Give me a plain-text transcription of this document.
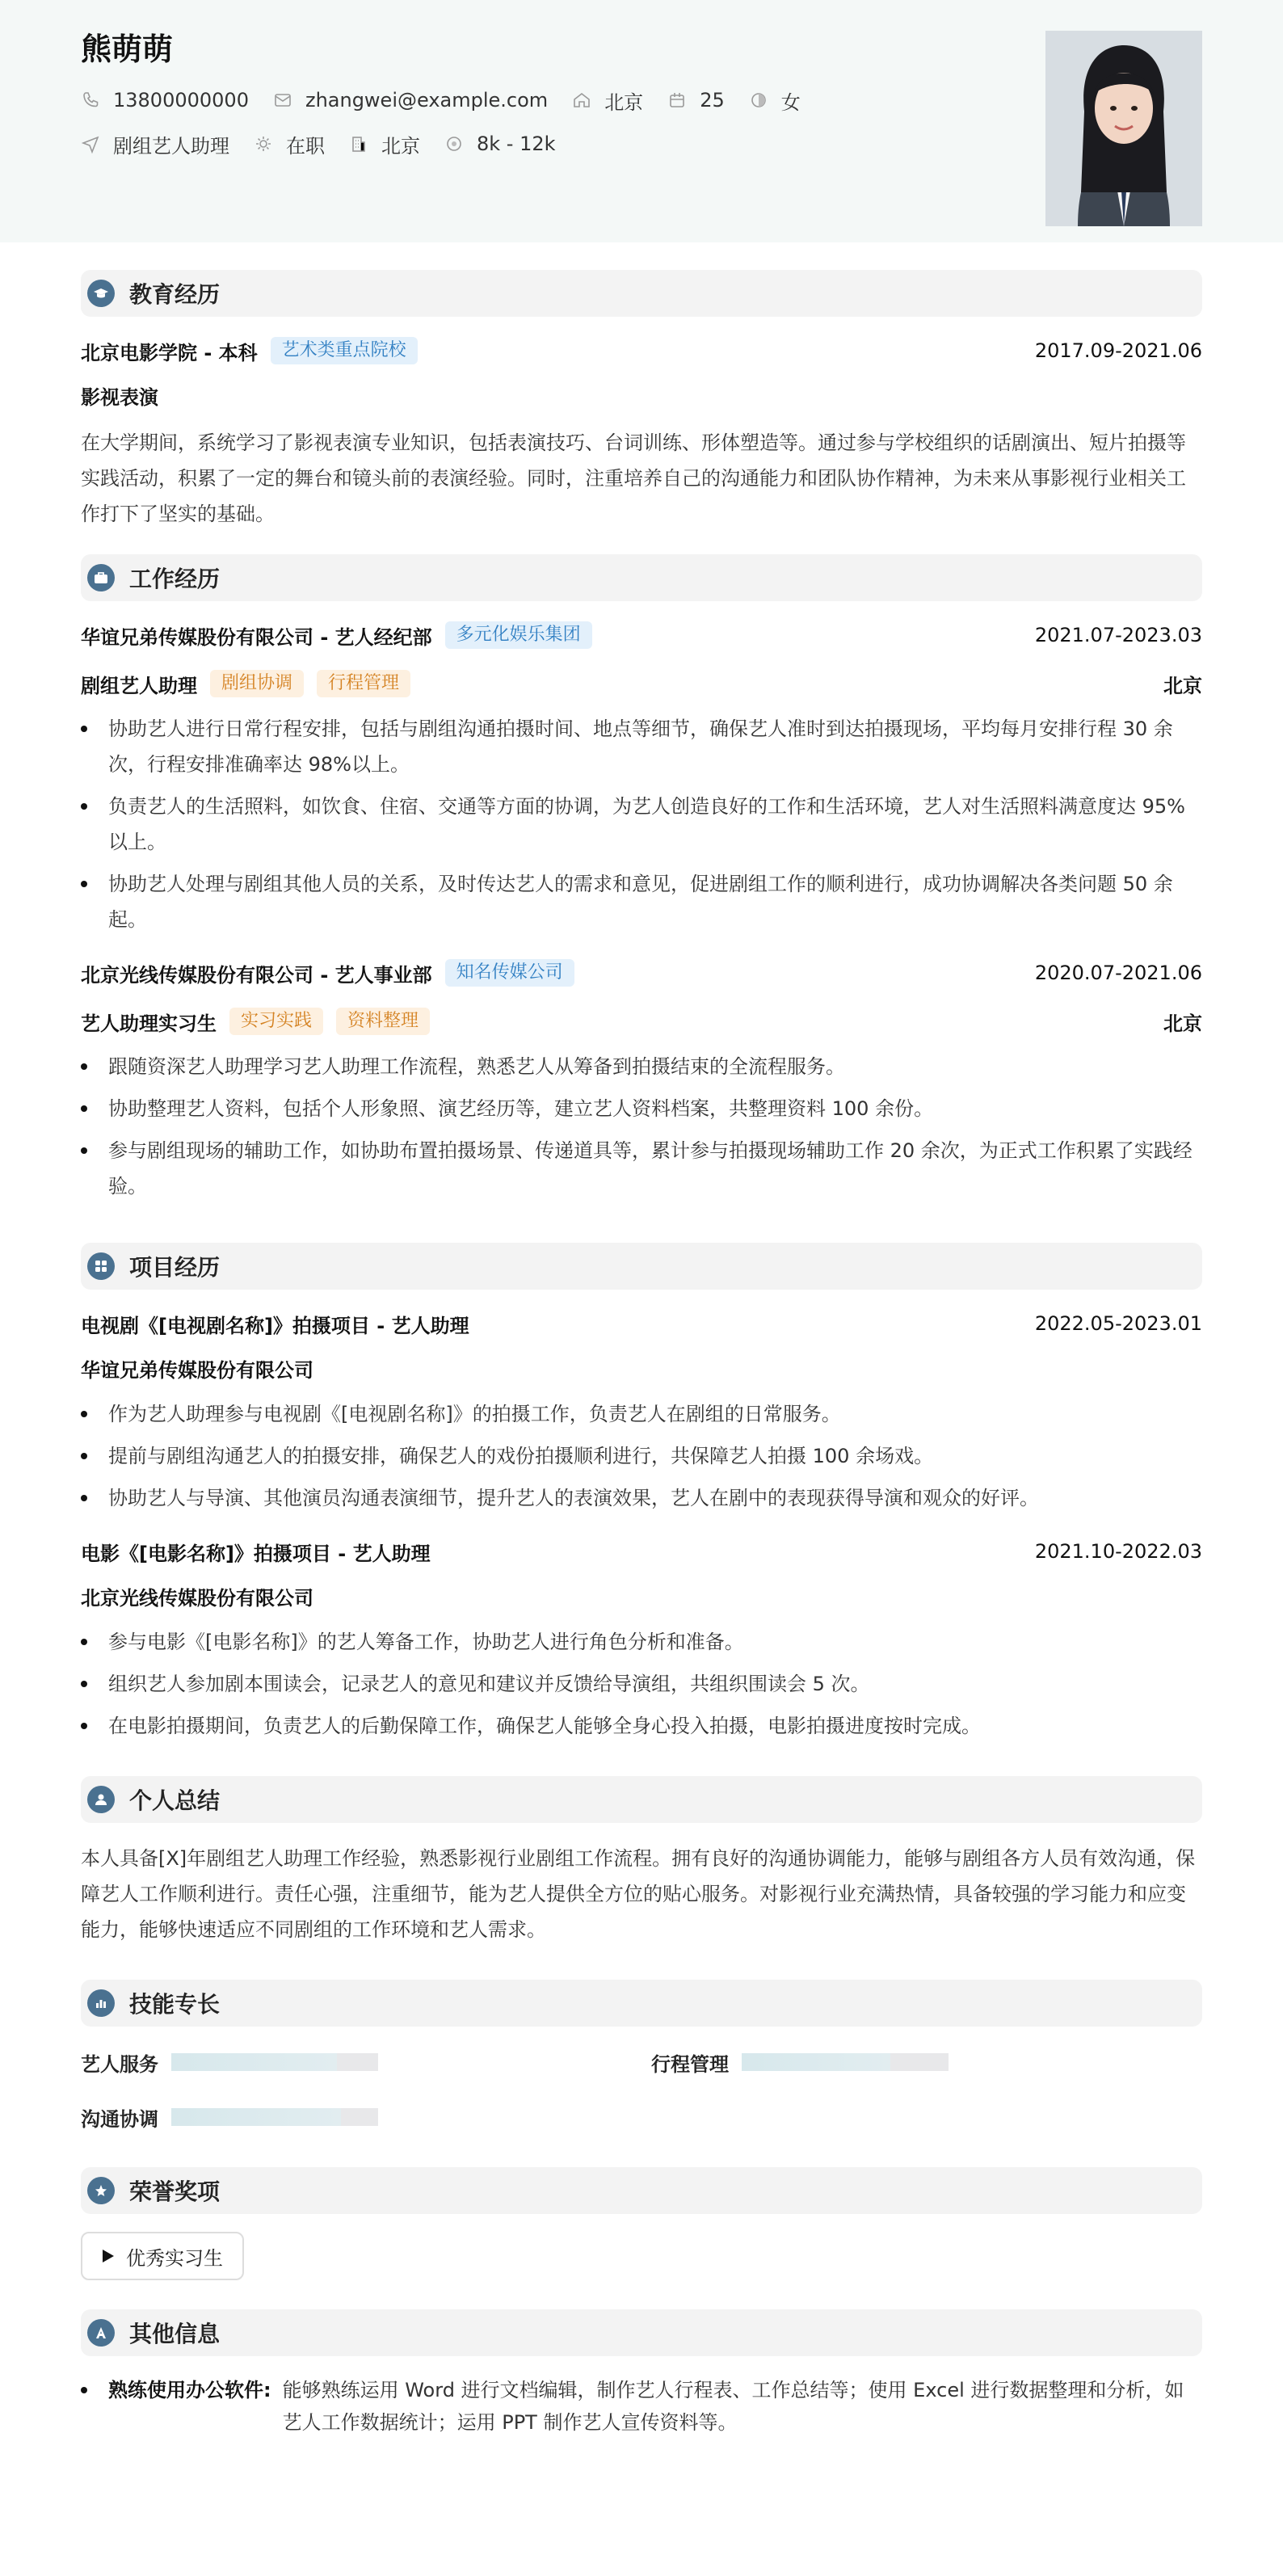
熊萌萌
13800000000	zhangwei@example.com	北京	25	女
剧组艺人助理	在职	北京	8k - 12k
教育经历
北京电影学院 - 本科	艺术类重点院校	2017.09-2021.06
影视表演
在大学期间，系统学习了影视表演专业知识，包括表演技巧、台词训练、形体塑造等。通过参与学校组织的话剧演出、短片拍摄等实践活动，积累了一定的舞台和镜头前的表演经验。同时，注重培养自己的沟通能力和团队协作精神，为未来从事影视行业相关工作打下了坚实的基础。
工作经历
华谊兄弟传媒股份有限公司 - 艺人经纪部	多元化娱乐集团	2021.07-2023.03
剧组艺人助理	剧组协调	行程管理	北京
协助艺人进行日常行程安排，包括与剧组沟通拍摄时间、地点等细节，确保艺人准时到达拍摄现场，平均每月安排行程 30 余次，行程安排准确率达 98%以上。
负责艺人的生活照料，如饮食、住宿、交通等方面的协调，为艺人创造良好的工作和生活环境，艺人对生活照料满意度达 95%以上。
协助艺人处理与剧组其他人员的关系，及时传达艺人的需求和意见，促进剧组工作的顺利进行，成功协调解决各类问题 50 余起。
北京光线传媒股份有限公司 - 艺人事业部	知名传媒公司	2020.07-2021.06
艺人助理实习生	实习实践	资料整理	北京
跟随资深艺人助理学习艺人助理工作流程，熟悉艺人从筹备到拍摄结束的全流程服务。
协助整理艺人资料，包括个人形象照、演艺经历等，建立艺人资料档案，共整理资料 100 余份。
参与剧组现场的辅助工作，如协助布置拍摄场景、传递道具等，累计参与拍摄现场辅助工作 20 余次，为正式工作积累了实践经验。
项目经历
电视剧《[电视剧名称]》拍摄项目 - 艺人助理	2022.05-2023.01
华谊兄弟传媒股份有限公司
作为艺人助理参与电视剧《[电视剧名称]》的拍摄工作，负责艺人在剧组的日常服务。
提前与剧组沟通艺人的拍摄安排，确保艺人的戏份拍摄顺利进行，共保障艺人拍摄 100 余场戏。
协助艺人与导演、其他演员沟通表演细节，提升艺人的表演效果，艺人在剧中的表现获得导演和观众的好评。
电影《[电影名称]》拍摄项目 - 艺人助理	2021.10-2022.03
北京光线传媒股份有限公司
参与电影《[电影名称]》的艺人筹备工作，协助艺人进行角色分析和准备。
组织艺人参加剧本围读会，记录艺人的意见和建议并反馈给导演组，共组织围读会 5 次。
在电影拍摄期间，负责艺人的后勤保障工作，确保艺人能够全身心投入拍摄，电影拍摄进度按时完成。
个人总结
本人具备[X]年剧组艺人助理工作经验，熟悉影视行业剧组工作流程。拥有良好的沟通协调能力，能够与剧组各方人员有效沟通，保障艺人工作顺利进行。责任心强，注重细节，能为艺人提供全方位的贴心服务。对影视行业充满热情，具备较强的学习能力和应变能力，能够快速适应不同剧组的工作环境和艺人需求。
技能专长
艺人服务	行程管理
沟通协调
荣誉奖项
优秀实习生
其他信息
熟练使用办公软件: 能够熟练运用 Word 进行文档编辑，制作艺人行程表、工作总结等；使用 Excel 进行数据整理和分析，如艺人工作数据统计；运用 PPT 制作艺人宣传资料等。
